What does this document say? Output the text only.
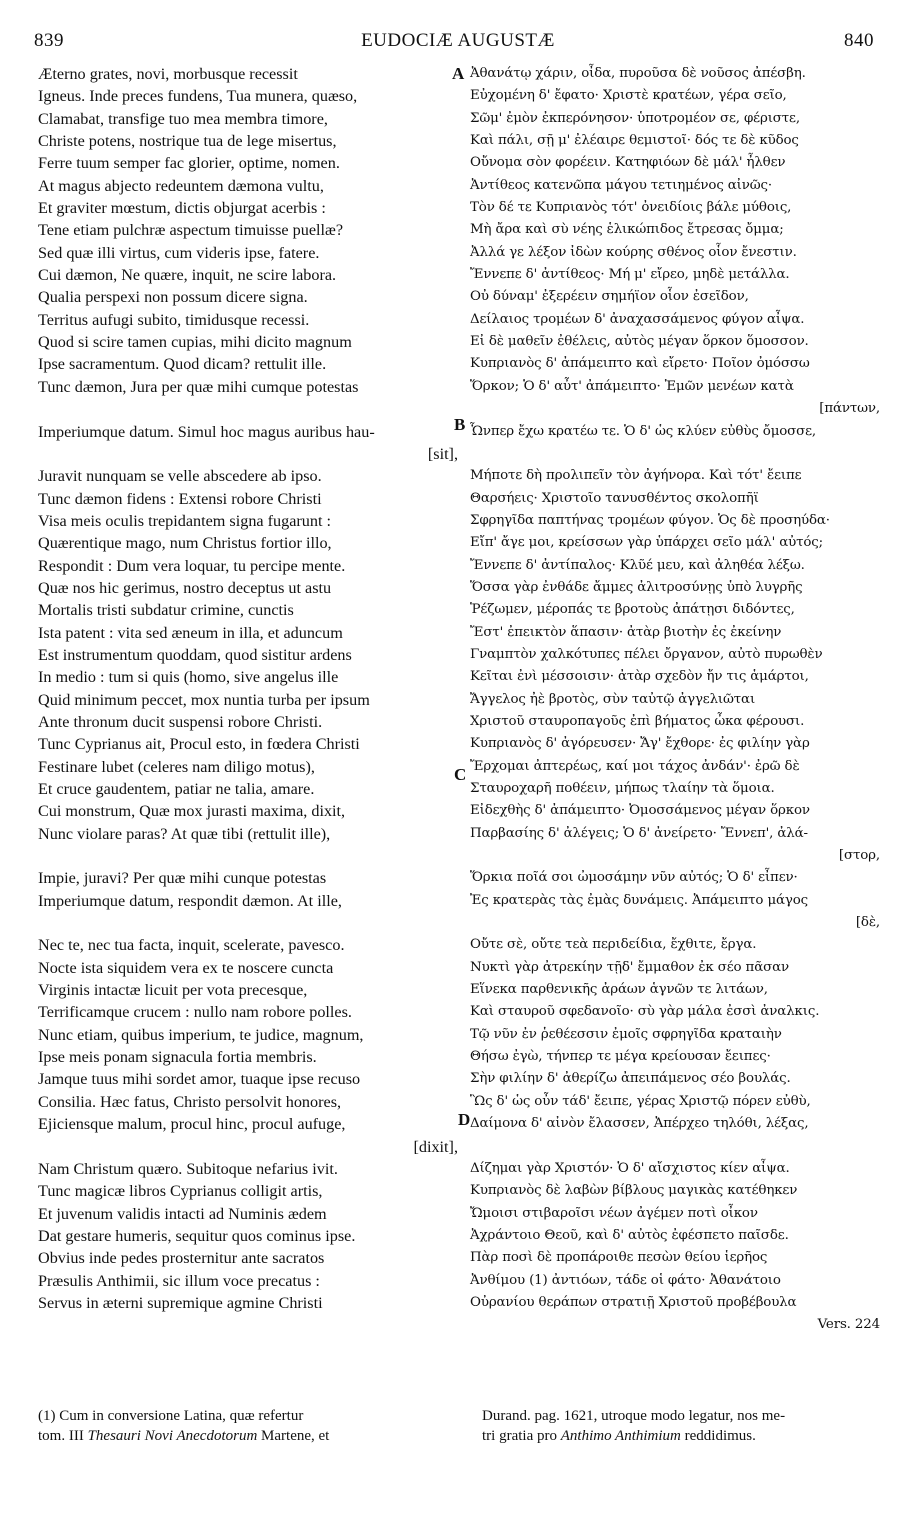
EUDOCIÆ AUGUSTÆ
839	840
Æterno grates, novi, morbusque recessit
Igneus. Inde preces fundens, Tua munera, quæso,
Clamabat, transfige tuo mea membra timore,
Christe potens, nostrique tua de lege misertus,
Ferre tuum semper fac glorier, optime, nomen.
At magus abjecto redeuntem dæmona vultu,
Et graviter mœstum, dictis objurgat acerbis :
Tene etiam pulchræ aspectum timuisse puellæ?
Sed quæ illi virtus, cum videris ipse, fatere.
Cui dæmon, Ne quære, inquit, ne scire labora.
Qualia perspexi non possum dicere signa.
Territus aufugi subito, timidusque recessi.
Quod si scire tamen cupias, mihi dicito magnum
Ipse sacramentum. Quod dicam? rettulit ille.
Tunc dæmon, Jura per quæ mihi cumque potestas
Imperiumque datum. Simul hoc magus auribus hau-
[sit],
Juravit nunquam se velle abscedere ab ipso.
Tunc dæmon fidens : Extensi robore Christi
Visa meis oculis trepidantem signa fugarunt :
Quærentique mago, num Christus fortior illo,
Respondit : Dum vera loquar, tu percipe mente.
Quæ nos hic gerimus, nostro deceptus ut astu
Mortalis tristi subdatur crimine, cunctis
Ista patent : vita sed æneum in illa, et aduncum
Est instrumentum quoddam, quod sistitur ardens
In medio : tum si quis (homo, sive angelus ille
Quid minimum peccet, mox nuntia turba per ipsum
Ante thronum ducit suspensi robore Christi.
Tunc Cyprianus ait, Procul esto, in fœdera Christi
Festinare lubet (celeres nam diligo motus),
Et cruce gaudentem, patiar ne talia, amare.
Cui monstrum, Quæ mox jurasti maxima, dixit,
Nunc violare paras? At quæ tibi (rettulit ille),
Impie, juravi? Per quæ mihi cunque potestas
Imperiumque datum, respondit dæmon. At ille,
Nec te, nec tua facta, inquit, scelerate, pavesco.
Nocte ista siquidem vera ex te noscere cuncta
Virginis intactæ licuit per vota precesque,
Terrificamque crucem : nullo nam robore polles.
Nunc etiam, quibus imperium, te judice, magnum,
Ipse meis ponam signacula fortia membris.
Jamque tuus mihi sordet amor, tuaque ipse recuso
Consilia. Hæc fatus, Christo persolvit honores,
Ejiciensque malum, procul hinc, procul aufuge,
[dixit],
Nam Christum quæro. Subitoque nefarius ivit.
Tunc magicæ libros Cyprianus colligit artis,
Et juvenum validis intacti ad Numinis ædem
Dat gestare humeris, sequitur quos cominus ipse.
Obvius inde pedes prosternitur ante sacratos
Præsulis Anthimii, sic illum voce precatus :
Servus in æterni supremique agmine Christi
Ἀθανάτῳ χάριν, οἶδα, πυροῦσα δὲ νοῦσος ἀπέσβη.
Εὐχομένη δ' ἔφατο· Χριστὲ κρατέων, γέρα σεῖο,
Σῶμ' ἐμὸν ἐκπερόνησον· ὑποτρομέον σε, φέριστε,
Καὶ πάλι, σῇ μ' ἐλέαιρε θεμιστοῖ· δός τε δὲ κῦδος
Οὔνομα σὸν φορέειν. Κατηφιόων δὲ μάλ' ἦλθεν
Ἀντίθεος κατενῶπα μάγου τετιημένος αἰνῶς·
Τὸν δέ τε Κυπριανὸς τότ' ὀνειδίοις βάλε μύθοις,
Μὴ ἄρα καὶ σὺ νέης ἑλικώπιδος ἔτρεσας ὄμμα;
Ἀλλά γε λέξον ἰδὼν κούρης σθένος οἷον ἔνεστιν.
Ἔννεπε δ' ἀντίθεος· Μή μ' εἴρεο, μηδὲ μετάλλα.
Οὐ δύναμ' ἐξερέειν σημήϊον οἷον ἐσεῖδον,
Δείλαιος τρομέων δ' ἀναχασσάμενος φύγον αἶψα.
Εἰ δὲ μαθεῖν ἐθέλεις, αὐτὸς μέγαν ὅρκον ὅμοσσον.
Κυπριανὸς δ' ἀπάμειπτο καὶ εἴρετο· Ποῖον ὀμόσσω
Ὅρκον; Ὁ δ' αὖτ' ἀπάμειπτο· Ἐμῶν μενέων κατὰ
[πάντων,
Ὧνπερ ἔχω κρατέω τε. Ὁ δ' ὡς κλύεν εὐθὺς ὄμοσσε,
Μήποτε δὴ προλιπεῖν τὸν ἀγήνορα. Καὶ τότ' ἔειπε
Θαρσήεις· Χριστοῖο τανυσθέντος σκολοπῆϊ
Σφρηγῖδα παπτήνας τρομέων φύγον. Ὁς δὲ προσηύδα·
Εἴπ' ἄγε μοι, κρείσσων γὰρ ὑπάρχει σεῖο μάλ' αὐτός;
Ἔννεπε δ' ἀντίπαλος· Κλῦέ μευ, καὶ ἀληθέα λέξω.
Ὅσσα γὰρ ἐνθάδε ἄμμες ἀλιτροσύνῃς ὑπὸ λυγρῆς
Ῥέζωμεν, μέροπάς τε βροτοὺς ἀπάτῃσι διδόντες,
Ἔστ' ἐπεικτὸν ἅπασιν· ἀτὰρ βιοτὴν ἐς ἐκείνην
Γναμπτὸν χαλκότυπες πέλει ὄργανον, αὐτὸ πυρωθὲν
Κεῖται ἐνὶ μέσσοισιν· ἀτὰρ σχεδὸν ἤν τις ἁμάρτοι,
Ἄγγελος ἠὲ βροτὸς, σὺν ταὐτῷ ἀγγελιῶται
Χριστοῦ σταυροπαγοῦς ἐπὶ βήματος ὦκα φέρουσι.
Κυπριανὸς δ' ἀγόρευσεν· Ἄγ' ἔχθορε· ἐς φιλίην γὰρ
Ἔρχομαι ἀπτερέως, καί μοι τάχος ἀνδάν'· ἐρῶ δὲ
Σταυροχαρῆ ποθέειν, μήπως τλαίην τὰ ὅμοια.
Εἰδεχθὴς δ' ἀπάμειπτο· Ὀμοσσάμενος μέγαν ὅρκον
Παρβασίης δ' ἀλέγεις; Ὁ δ' ἀνείρετο· Ἔννεπ', ἀλά-
[στορ,
Ὅρκια ποῖά σοι ὠμοσάμην νῦν αὐτός; Ὁ δ' εἶπεν·
Ἐς κρατερὰς τὰς ἐμὰς δυνάμεις. Ἀπάμειπτο μάγος
[δὲ,
Οὔτε σὲ, οὔτε τεὰ περιδείδια, ἔχθιτε, ἔργα.
Νυκτὶ γὰρ ἀτρεκίην τῇδ' ἔμμαθον ἐκ σέο πᾶσαν
Εἵνεκα παρθενικῆς ἀράων ἁγνῶν τε λιτάων,
Καὶ σταυροῦ σφεδανοῖο· σὺ γὰρ μάλα ἐσσὶ ἀναλκις.
Τῷ νῦν ἐν ῥεθέεσσιν ἐμοῖς σφρηγῖδα κραταιὴν
Θήσω ἐγὼ, τήνπερ τε μέγα κρείουσαν ἔειπες·
Σὴν φιλίην δ' ἀθερίζω ἀπειπάμενος σέο βουλάς.
Ὣς δ' ὡς οὖν τάδ' ἔειπε, γέρας Χριστῷ πόρεν εὐθὺ,
Δαίμονα δ' αἰνὸν ἔλασσεν, Ἀπέρχεο τηλόθι, λέξας,
Δίζημαι γὰρ Χριστόν· Ὁ δ' αἴσχιστος κίεν αἶψα.
Κυπριανὸς δὲ λαβὼν βίβλους μαγικὰς κατέθηκεν
Ὤμοισι στιβαροῖσι νέων ἀγέμεν ποτὶ οἶκον
Ἀχράντοιο Θεοῦ, καὶ δ' αὐτὸς ἐφέσπετο παῖσδε.
Πὰρ ποσὶ δὲ προπάροιθε πεσὼν θείου ἱερῆος
Ἀνθίμου (1) ἀντιόων, τάδε οἱ φάτο· Ἀθανάτοιο
Οὐρανίου θεράπων στρατιῇ Χριστοῦ προβέβουλα
Vers. 224
A
B
C
D
(1) Cum in conversione Latina, quæ refertur
tom. III Thesauri Novi Anecdotorum Martene, et
Durand. pag. 1621, utroque modo legatur, nos me-
tri gratia pro Anthimo Anthimium reddidimus.
